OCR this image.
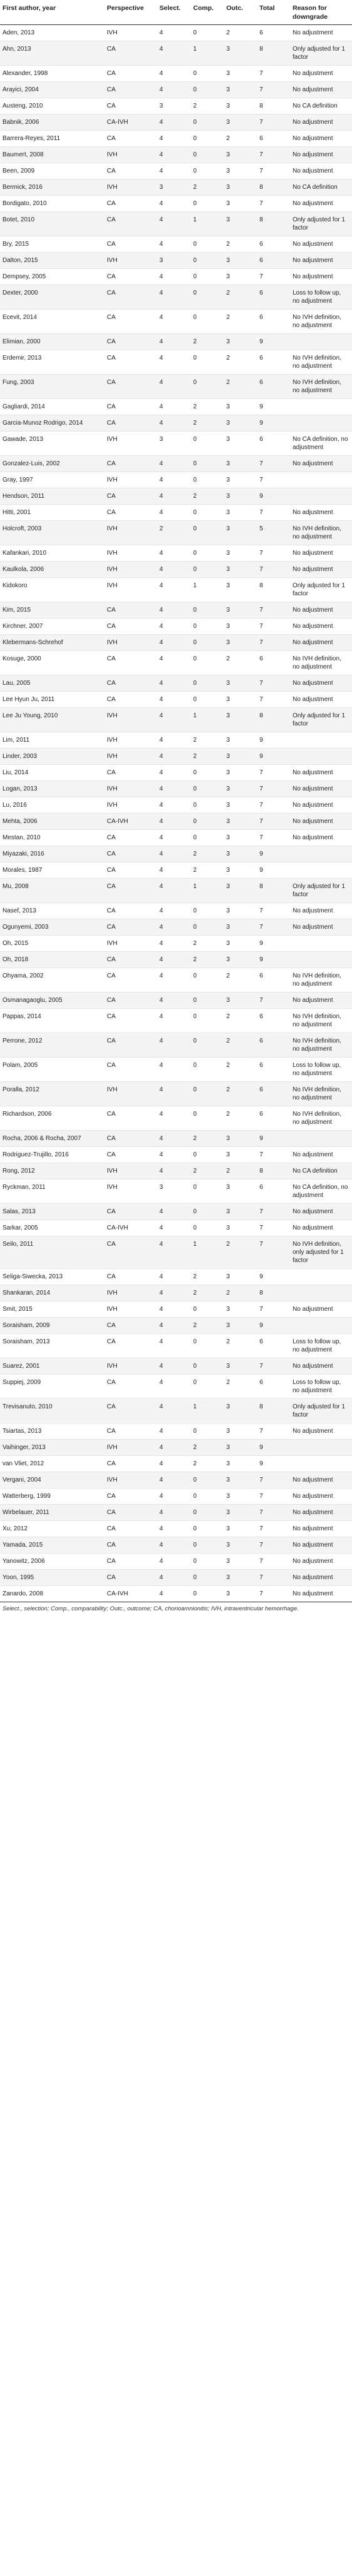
First author, year	Perspective	Select.	Comp.	Outc.	Total	Reason for downgrade
Aden, 2013	IVH	4	0	2	6	No adjustment
Ahn, 2013	CA	4	1	3	8	Only adjusted for 1 factor
Alexander, 1998	CA	4	0	3	7	No adjustment
Arayici, 2004	CA	4	0	3	7	No adjustment
Austeng, 2010	CA	3	2	3	8	No CA definition
Babnik, 2006	CA-IVH	4	0	3	7	No adjustment
Barrera-Reyes, 2011	CA	4	0	2	6	No adjustment
Baumert, 2008	IVH	4	0	3	7	No adjustment
Been, 2009	CA	4	0	3	7	No adjustment
Bermick, 2016	IVH	3	2	3	8	No CA definition
Bordigato, 2010	CA	4	0	3	7	No adjustment
Botet, 2010	CA	4	1	3	8	Only adjusted for 1 factor
Bry, 2015	CA	4	0	2	6	No adjustment
Dalton, 2015	IVH	3	0	3	6	No adjustment
Dempsey, 2005	CA	4	0	3	7	No adjustment
Dexter, 2000	CA	4	0	2	6	Loss to follow up, no adjustment
Ecevit, 2014	CA	4	0	2	6	No IVH definition, no adjustment
Elimian, 2000	CA	4	2	3	9	
Erdemir, 2013	CA	4	0	2	6	No IVH definition, no adjustment
Fung, 2003	CA	4	0	2	6	No IVH definition, no adjustment
Gagliardi, 2014	CA	4	2	3	9	
Garcia-Munoz Rodrigo, 2014	CA	4	2	3	9	
Gawade, 2013	IVH	3	0	3	6	No CA definition, no adjustment
Gonzalez-Luis, 2002	CA	4	0	3	7	No adjustment
Gray, 1997	IVH	4	0	3	7	
Hendson, 2011	CA	4	2	3	9	
Hitti, 2001	CA	4	0	3	7	No adjustment
Holcroft, 2003	IVH	2	0	3	5	No IVH definition, no adjustment
Kafankari, 2010	IVH	4	0	3	7	No adjustment
Kaulkola, 2006	IVH	4	0	3	7	No adjustment
Kidokoro	IVH	4	1	3	8	Only adjusted for 1 factor
Kim, 2015	CA	4	0	3	7	No adjustment
Kirchner, 2007	CA	4	0	3	7	No adjustment
Klebermans-Schrehof	IVH	4	0	3	7	No adjustment
Kosuge, 2000	CA	4	0	2	6	No IVH definition, no adjustment
Lau, 2005	CA	4	0	3	7	No adjustment
Lee Hyun Ju, 2011	CA	4	0	3	7	No adjustment
Lee Ju Young, 2010	IVH	4	1	3	8	Only adjusted for 1 factor
Lim, 2011	IVH	4	2	3	9	
Linder, 2003	IVH	4	2	3	9	
Liu, 2014	CA	4	0	3	7	No adjustment
Logan, 2013	IVH	4	0	3	7	No adjustment
Lu, 2016	IVH	4	0	3	7	No adjustment
Mehta, 2006	CA-IVH	4	0	3	7	No adjustment
Mestan, 2010	CA	4	0	3	7	No adjustment
Miyazaki, 2016	CA	4	2	3	9	
Morales, 1987	CA	4	2	3	9	
Mu, 2008	CA	4	1	3	8	Only adjusted for 1 factor
Nasef, 2013	CA	4	0	3	7	No adjustment
Ogunyemi, 2003	CA	4	0	3	7	No adjustment
Oh, 2015	IVH	4	2	3	9	
Oh, 2018	CA	4	2	3	9	
Ohyama, 2002	CA	4	0	2	6	No IVH definition, no adjustment
Osmanagaoglu, 2005	CA	4	0	3	7	No adjustment
Pappas, 2014	CA	4	0	2	6	No IVH definition, no adjustment
Perrone, 2012	CA	4	0	2	6	No IVH definition, no adjustment
Polam, 2005	CA	4	0	2	6	Loss to follow up, no adjustment
Poralla, 2012	IVH	4	0	2	6	No IVH definition, no adjustment
Richardson, 2006	CA	4	0	2	6	No IVH definition, no adjustment
Rocha, 2006 & Rocha, 2007	CA	4	2	3	9	
Rodriguez-Trujillo, 2016	CA	4	0	3	7	No adjustment
Rong, 2012	IVH	4	2	2	8	No CA definition
Ryckman, 2011	IVH	3	0	3	6	No CA definition, no adjustment
Salas, 2013	CA	4	0	3	7	No adjustment
Sarkar, 2005	CA-IVH	4	0	3	7	No adjustment
Seilo, 2011	CA	4	1	2	7	No IVH definition, only adjusted for 1 factor
Seliga-Siwecka, 2013	CA	4	2	3	9	
Shankaran, 2014	IVH	4	2	2	8	
Smit, 2015	IVH	4	0	3	7	No adjustment
Soraisham, 2009	CA	4	2	3	9	
Soraisham, 2013	CA	4	0	2	6	Loss to follow up, no adjustment
Suarez, 2001	IVH	4	0	3	7	No adjustment
Suppiej, 2009	CA	4	0	2	6	Loss to follow up, no adjustment
Trevisanuto, 2010	CA	4	1	3	8	Only adjusted for 1 factor
Tsiartas, 2013	CA	4	0	3	7	No adjustment
Vaihinger, 2013	IVH	4	2	3	9	
van Vliet, 2012	CA	4	2	3	9	
Vergani, 2004	IVH	4	0	3	7	No adjustment
Watterberg, 1999	CA	4	0	3	7	No adjustment
Wirbelauer, 2011	CA	4	0	3	7	No adjustment
Xu, 2012	CA	4	0	3	7	No adjustment
Yamada, 2015	CA	4	0	3	7	No adjustment
Yanowitz, 2006	CA	4	0	3	7	No adjustment
Yoon, 1995	CA	4	0	3	7	No adjustment
Zanardo, 2008	CA-IVH	4	0	3	7	No adjustment
Select., selection; Comp., comparability; Outc., outcome; CA, chorioamnionitis; IVH, intraventricular hemorrhage.
